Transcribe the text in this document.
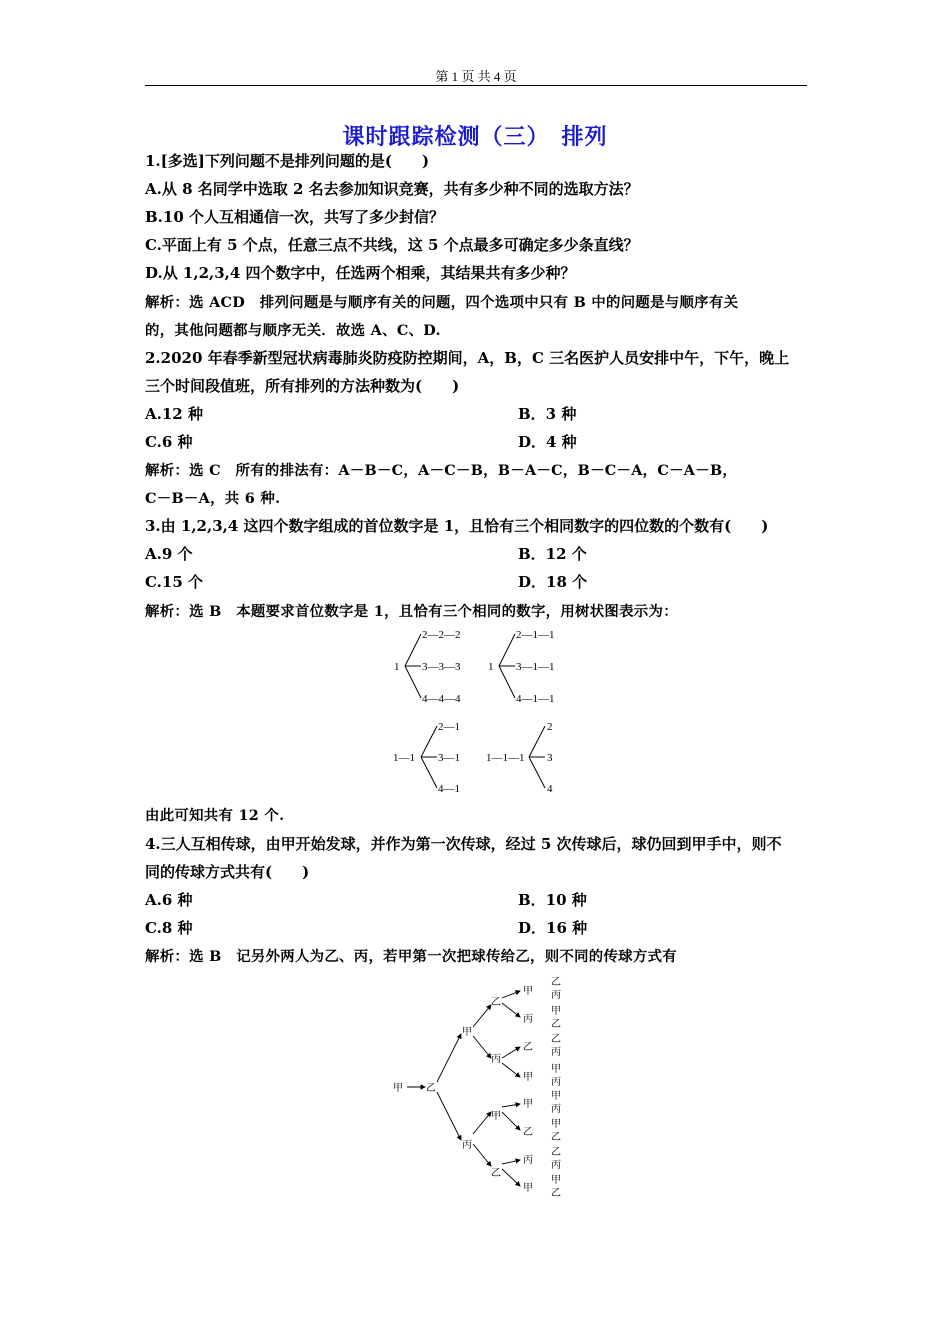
第 1 页 共 4 页
课时跟踪检测（三）　排列
1.[多选]下列问题不是排列问题的是(　　)
A.从 8 名同学中选取 2 名去参加知识竞赛，共有多少种不同的选取方法？
B.10 个人互相通信一次，共写了多少封信？
C.平面上有 5 个点，任意三点不共线，这 5 个点最多可确定多少条直线？
D.从 1,2,3,4 四个数字中，任选两个相乘，其结果共有多少种？
解析：选 ACD　排列问题是与顺序有关的问题，四个选项中只有 B 中的问题是与顺序有关
的，其他问题都与顺序无关．故选 A、C、D.
2.2020 年春季新型冠状病毒肺炎防疫防控期间，A，B，C 三名医护人员安排中午，下午，晚上
三个时间段值班，所有排列的方法种数为(　　)
A.12 种	B．3 种
C.6 种	D．4 种
解析：选 C　所有的排法有：A－B－C，A－C－B，B－A－C，B－C－A，C－A－B，
C－B－A，共 6 种.
3.由 1,2,3,4 这四个数字组成的首位数字是 1，且恰有三个相同数字的四位数的个数有(　　)
A.9 个	B．12 个
C.15 个	D．18 个
解析：选 B　本题要求首位数字是 1，且恰有三个相同的数字，用树状图表示为：
1
2—2—2
3—3—3
4—4—4
1
2—1—1
3—1—1
4—1—1
1—1
2—1
3—1
4—1
1—1—1
2
3
4
由此可知共有 12 个.
4.三人互相传球，由甲开始发球，并作为第一次传球，经过 5 次传球后，球仍回到甲手中，则不
同的传球方式共有(　　)
A.6 种	B．10 种
C.8 种	D．16 种
解析：选 B　记另外两人为乙、丙，若甲第一次把球传给乙，则不同的传球方式有
甲 乙
甲
丙
乙
丙
甲
乙
甲
丙
乙
甲
甲
乙
丙
甲
乙
丙
甲
乙
乙
丙
甲
丙
甲
丙
甲
乙
乙
丙
甲
乙
